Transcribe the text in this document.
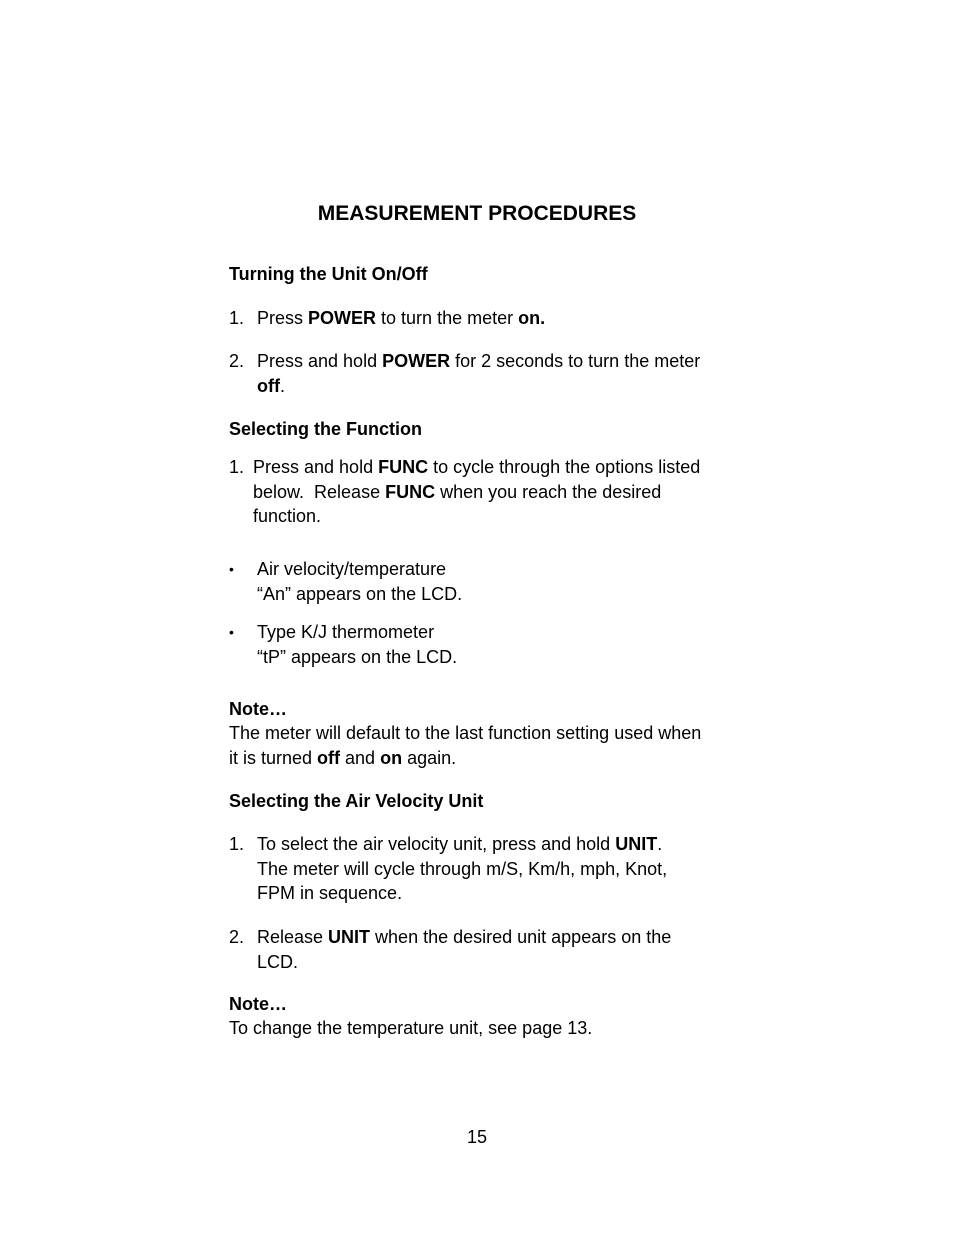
MEASUREMENT PROCEDURES
Turning the Unit On/Off
1. Press POWER to turn the meter on.
2. Press and hold POWER for 2 seconds to turn the meter
off.
Selecting the Function
1. Press and hold FUNC to cycle through the options listed
below.  Release FUNC when you reach the desired
function.
• Air velocity/temperature
“An” appears on the LCD.
• Type K/J thermometer
“tP” appears on the LCD.
Note…
The meter will default to the last function setting used when
it is turned off and on again.
Selecting the Air Velocity Unit
1. To select the air velocity unit, press and hold UNIT.
The meter will cycle through m/S, Km/h, mph, Knot,
FPM in sequence.
2. Release UNIT when the desired unit appears on the
LCD.
Note…
To change the temperature unit, see page 13.
15
